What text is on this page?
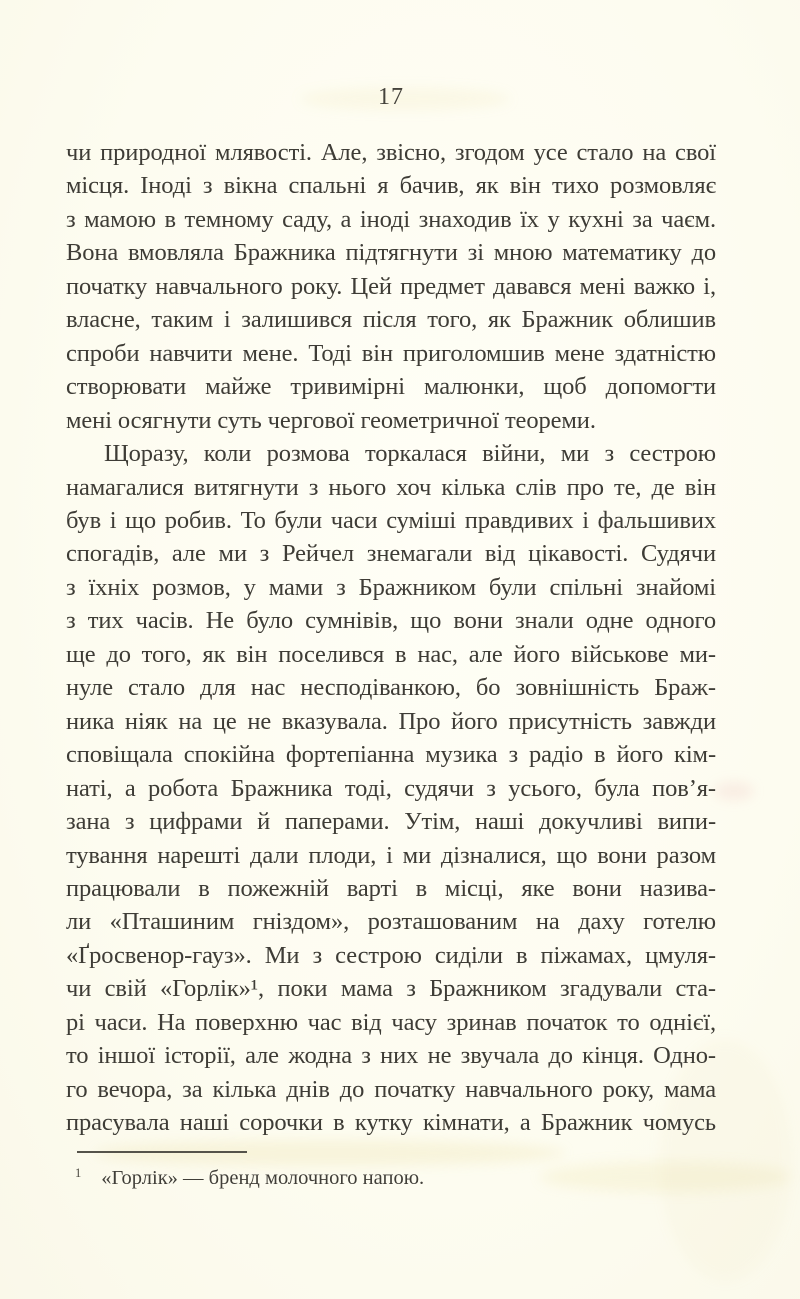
17
чи природної млявості. Але, звісно, згодом усе стало на свої
місця. Іноді з вікна спальні я бачив, як він тихо розмовляє
з мамою в темному саду, а іноді знаходив їх у кухні за чаєм.
Вона вмовляла Бражника підтягнути зі мною математику до
початку навчального року. Цей предмет давався мені важко і,
власне, таким і залишився після того, як Бражник облишив
спроби навчити мене. Тоді він приголомшив мене здатністю
створювати майже тривимірні малюнки, щоб допомогти
мені осягнути суть чергової геометричної теореми.
Щоразу, коли розмова торкалася війни, ми з сестрою
намагалися витягнути з нього хоч кілька слів про те, де він
був і що робив. То були часи суміші правдивих і фальшивих
спогадів, але ми з Рейчел знемагали від цікавості. Судячи
з їхніх розмов, у мами з Бражником були спільні знайомі
з тих часів. Не було сумнівів, що вони знали одне одного
ще до того, як він поселився в нас, але його військове ми-
нуле стало для нас несподіванкою, бо зовнішність Браж-
ника ніяк на це не вказувала. Про його присутність завжди
сповіщала спокійна фортепіанна музика з радіо в його кім-
наті, а робота Бражника тоді, судячи з усього, була пов’я-
зана з цифрами й паперами. Утім, наші докучливі випи-
тування нарешті дали плоди, і ми дізналися, що вони разом
працювали в пожежній варті в місці, яке вони назива-
ли «Пташиним гніздом», розташованим на даху готелю
«Ґросвенор-гауз». Ми з сестрою сиділи в піжамах, цмуля-
чи свій «Горлік»¹, поки мама з Бражником згадували ста-
рі часи. На поверхню час від часу зринав початок то однієї,
то іншої історії, але жодна з них не звучала до кінця. Одно-
го вечора, за кілька днів до початку навчального року, мама
прасувала наші сорочки в кутку кімнати, а Бражник чомусь
1 «Горлік» — бренд молочного напою.
